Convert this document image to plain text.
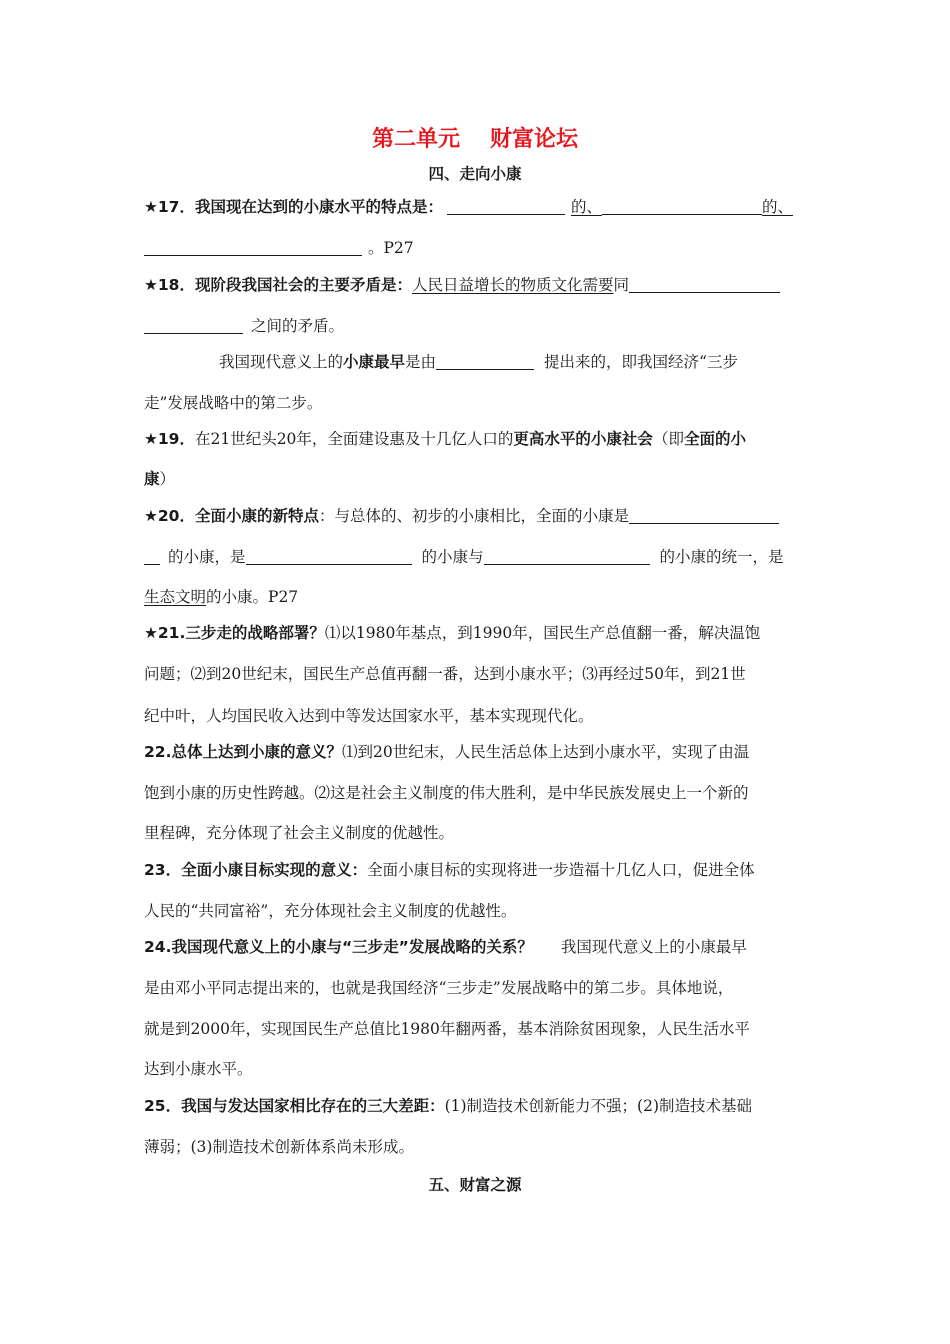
第二单元 财富论坛
四、走向小康
★17．我国现在达到的小康水平的特点是：	的、	的、
。P27
★18．现阶段我国社会的主要矛盾是：人民日益增长的物质文化需要同
之间的矛盾。
我国现代意义上的小康最早是由	提出来的，即我国经济“三步
走”发展战略中的第二步。
★19．在21世纪头20年，全面建设惠及十几亿人口的更高水平的小康社会（即全面的小
康）
★20．全面小康的新特点：与总体的、初步的小康相比，全面的小康是
的小康，是	的小康与	的小康的统一，是
生态文明的小康。P27
★21.三步走的战略部署？⑴以1980年基点，到1990年，国民生产总值翻一番，解决温饱
问题；⑵到20世纪末，国民生产总值再翻一番，达到小康水平；⑶再经过50年，到21世
纪中叶，人均国民收入达到中等发达国家水平，基本实现现代化。
22.总体上达到小康的意义？⑴到20世纪末，人民生活总体上达到小康水平，实现了由温
饱到小康的历史性跨越。⑵这是社会主义制度的伟大胜利，是中华民族发展史上一个新的
里程碑，充分体现了社会主义制度的优越性。
23．全面小康目标实现的意义：全面小康目标的实现将进一步造福十几亿人口，促进全体
人民的“共同富裕”，充分体现社会主义制度的优越性。
24.我国现代意义上的小康与“三步走”发展战略的关系？ 我国现代意义上的小康最早
是由邓小平同志提出来的，也就是我国经济“三步走”发展战略中的第二步。具体地说，
就是到2000年，实现国民生产总值比1980年翻两番，基本消除贫困现象，人民生活水平
达到小康水平。
25．我国与发达国家相比存在的三大差距：(1)制造技术创新能力不强；(2)制造技术基础
薄弱；(3)制造技术创新体系尚未形成。
五、财富之源
